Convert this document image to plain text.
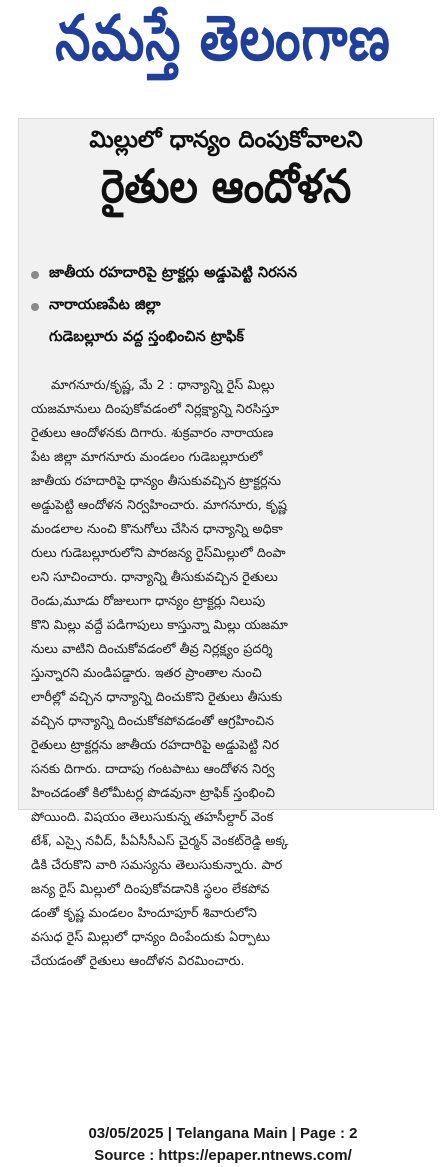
నమస్తే తెలంగాణ
మిల్లులో ధాన్యం దింపుకోవాలని
రైతుల ఆందోళన
జాతీయ రహదారిపై ట్రాక్టర్లు అడ్డుపెట్టి నిరసన
నారాయణపేట జిల్లా
గుడెబల్లూరు వద్ద స్తంభించిన ట్రాఫిక్
మాగనూరు/కృష్ణ, మే 2 : ధాన్యాన్ని రైస్ మిల్లు
యజమానులు దింపుకోవడంలో నిర్లక్ష్యాన్ని నిరసిస్తూ
రైతులు ఆందోళనకు దిగారు. శుక్రవారం నారాయణ
పేట జిల్లా మాగనూరు మండలం గుడెబల్లూరులో
జాతీయ రహదారిపై ధాన్యం తీసుకువచ్చిన ట్రాక్టర్లను
అడ్డుపెట్టి ఆందోళన నిర్వహించారు. మాగనూరు, కృష్ణ
మండలాల నుంచి కొనుగోలు చేసిన ధాన్యాన్ని అధికా
రులు గుడెబల్లూరులోని పారజన్య రైస్‌మిల్లులో దింపా
లని సూచించారు. ధాన్యాన్ని తీసుకువచ్చిన రైతులు
రెండు,మూడు రోజులుగా ధాన్యం ట్రాక్టర్లు నిలుపు
కొని మిల్లు వద్దే పడిగాపులు కాస్తున్నా మిల్లు యజమా
నులు వాటిని దించుకోవడంలో తీవ్ర నిర్లక్ష్యం ప్రదర్శి
స్తున్నారని మండిపడ్డారు. ఇతర ప్రాంతాల నుంచి
లారీల్లో వచ్చిన ధాన్యాన్ని దించుకొని రైతులు తీసుకు
వచ్చిన ధాన్యాన్ని దించుకోకపోవడంతో ఆగ్రహించిన
రైతులు ట్రాక్టర్లను జాతీయ రహదారిపై అడ్డుపెట్టి నిర
సనకు దిగారు. దాదాపు గంటపాటు ఆందోళన నిర్వ
హించడంతో కిలోమీటర్ల పొడవునా ట్రాఫిక్ స్తంభించి
పోయింది. విషయం తెలుసుకున్న తహసీల్దార్ వెంక
టేశ్, ఎస్సై నవీద్, పీఏసీసీఎస్ చైర్మన్ వెంకట్‌రెడ్డి అక్క
డికి చేరుకొని వారి సమస్యను తెలుసుకున్నారు. పార
జన్య రైస్ మిల్లులో దింపుకోవడానికి స్థలం లేకపోవ
డంతో కృష్ణ మండలం హిందూపూర్ శివారులోని
వసుధ రైస్ మిల్లులో ధాన్యం దింపేందుకు ఏర్పాటు
చేయడంతో రైతులు ఆందోళన విరమించారు.
03/05/2025 | Telangana Main | Page : 2
Source : https://epaper.ntnews.com/
